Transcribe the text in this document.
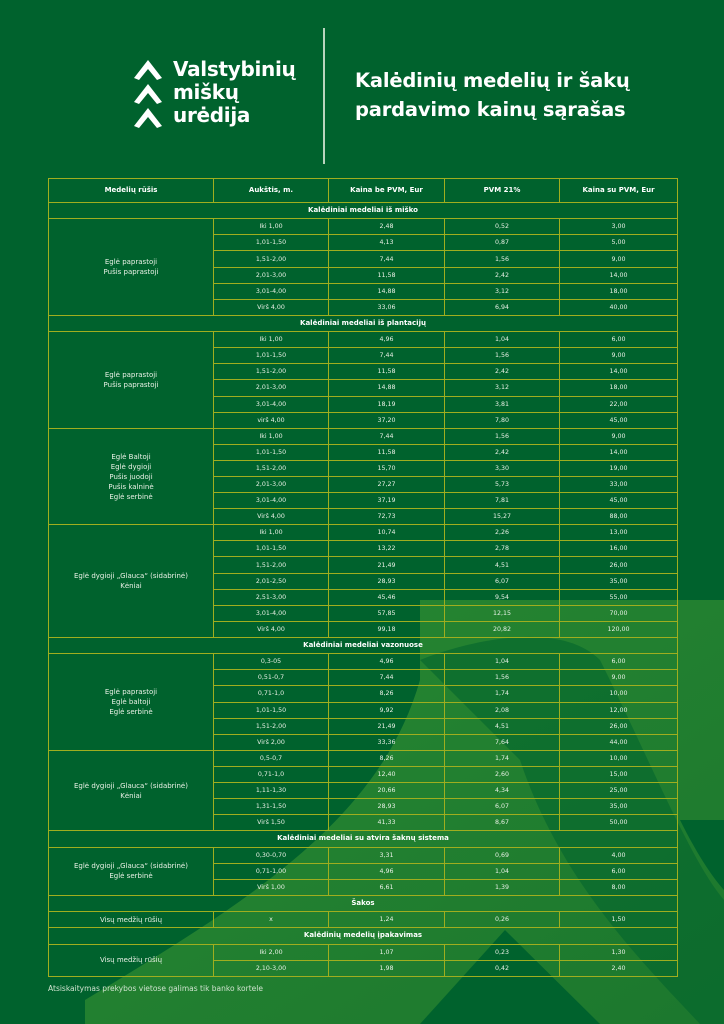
Valstybinių
miškų
urėdija
Kalėdinių medelių ir šakų
pardavimo kainų sąrašas
Medelių rūšis	Aukštis, m.	Kaina be PVM, Eur	PVM 21%	Kaina su PVM, Eur
Kalėdiniai medeliai iš miško				

Eglė paprastoji
Pušis paprastoji	Iki 1,00	2,48	0,52	3,00
	1,01-1,50	4,13	0,87	5,00
	1,51-2,00	7,44	1,56	9,00
	2,01-3,00	11,58	2,42	14,00
	3,01-4,00	14,88	3,12	18,00
	Virš 4,00	33,06	6,94	40,00
Kalėdiniai medeliai iš plantacijų				

Eglė paprastoji
Pušis paprastoji	Iki 1,00	4,96	1,04	6,00
	1,01-1,50	7,44	1,56	9,00
	1,51-2,00	11,58	2,42	14,00
	2,01-3,00	14,88	3,12	18,00
	3,01-4,00	18,19	3,81	22,00
	virš 4,00	37,20	7,80	45,00

Eglė Baltoji
Eglė dygioji
Pušis juodoji
Pušis kalninė
Eglė serbinė	Iki 1,00	7,44	1,56	9,00
	1,01-1,50	11,58	2,42	14,00
	1,51-2,00	15,70	3,30	19,00
	2,01-3,00	27,27	5,73	33,00
	3,01-4,00	37,19	7,81	45,00
	Virš 4,00	72,73	15,27	88,00

Eglė dygioji „Glauca“ (sidabrinė)
Kėniai	Iki 1,00	10,74	2,26	13,00
	1,01-1,50	13,22	2,78	16,00
	1,51-2,00	21,49	4,51	26,00
	2,01-2,50	28,93	6,07	35,00
	2,51-3,00	45,46	9,54	55,00
	3,01-4,00	57,85	12,15	70,00
	Virš 4,00	99,18	20,82	120,00
Kalėdiniai medeliai vazonuose				

Eglė paprastoji
Eglė baltoji
Eglė serbinė	0,3-05	4,96	1,04	6,00
	0,51-0,7	7,44	1,56	9,00
	0,71-1,0	8,26	1,74	10,00
	1,01-1,50	9,92	2,08	12,00
	1,51-2,00	21,49	4,51	26,00
	Virš 2,00	33,36	7,64	44,00

Eglė dygioji „Glauca“ (sidabrinė)
Kėniai	0,5-0,7	8,26	1,74	10,00
	0,71-1,0	12,40	2,60	15,00
	1,11-1,30	20,66	4,34	25,00
	1,31-1,50	28,93	6,07	35,00
	Virš 1,50	41,33	8,67	50,00
Kalėdiniai medeliai su atvira šaknų sistema				

Eglė dygioji „Glauca“ (sidabrinė)
Eglė serbinė	0,30-0,70	3,31	0,69	4,00
	0,71-1,00	4,96	1,04	6,00
	Virš 1,00	6,61	1,39	8,00
Šakos				

Visų medžių rūšių	x	1,24	0,26	1,50
Kalėdinių medelių įpakavimas				

Visų medžių rūšių	Iki 2,00	1,07	0,23	1,30
	2,10-3,00	1,98	0,42	2,40
Atsiskaitymas prekybos vietose galimas tik banko kortele
